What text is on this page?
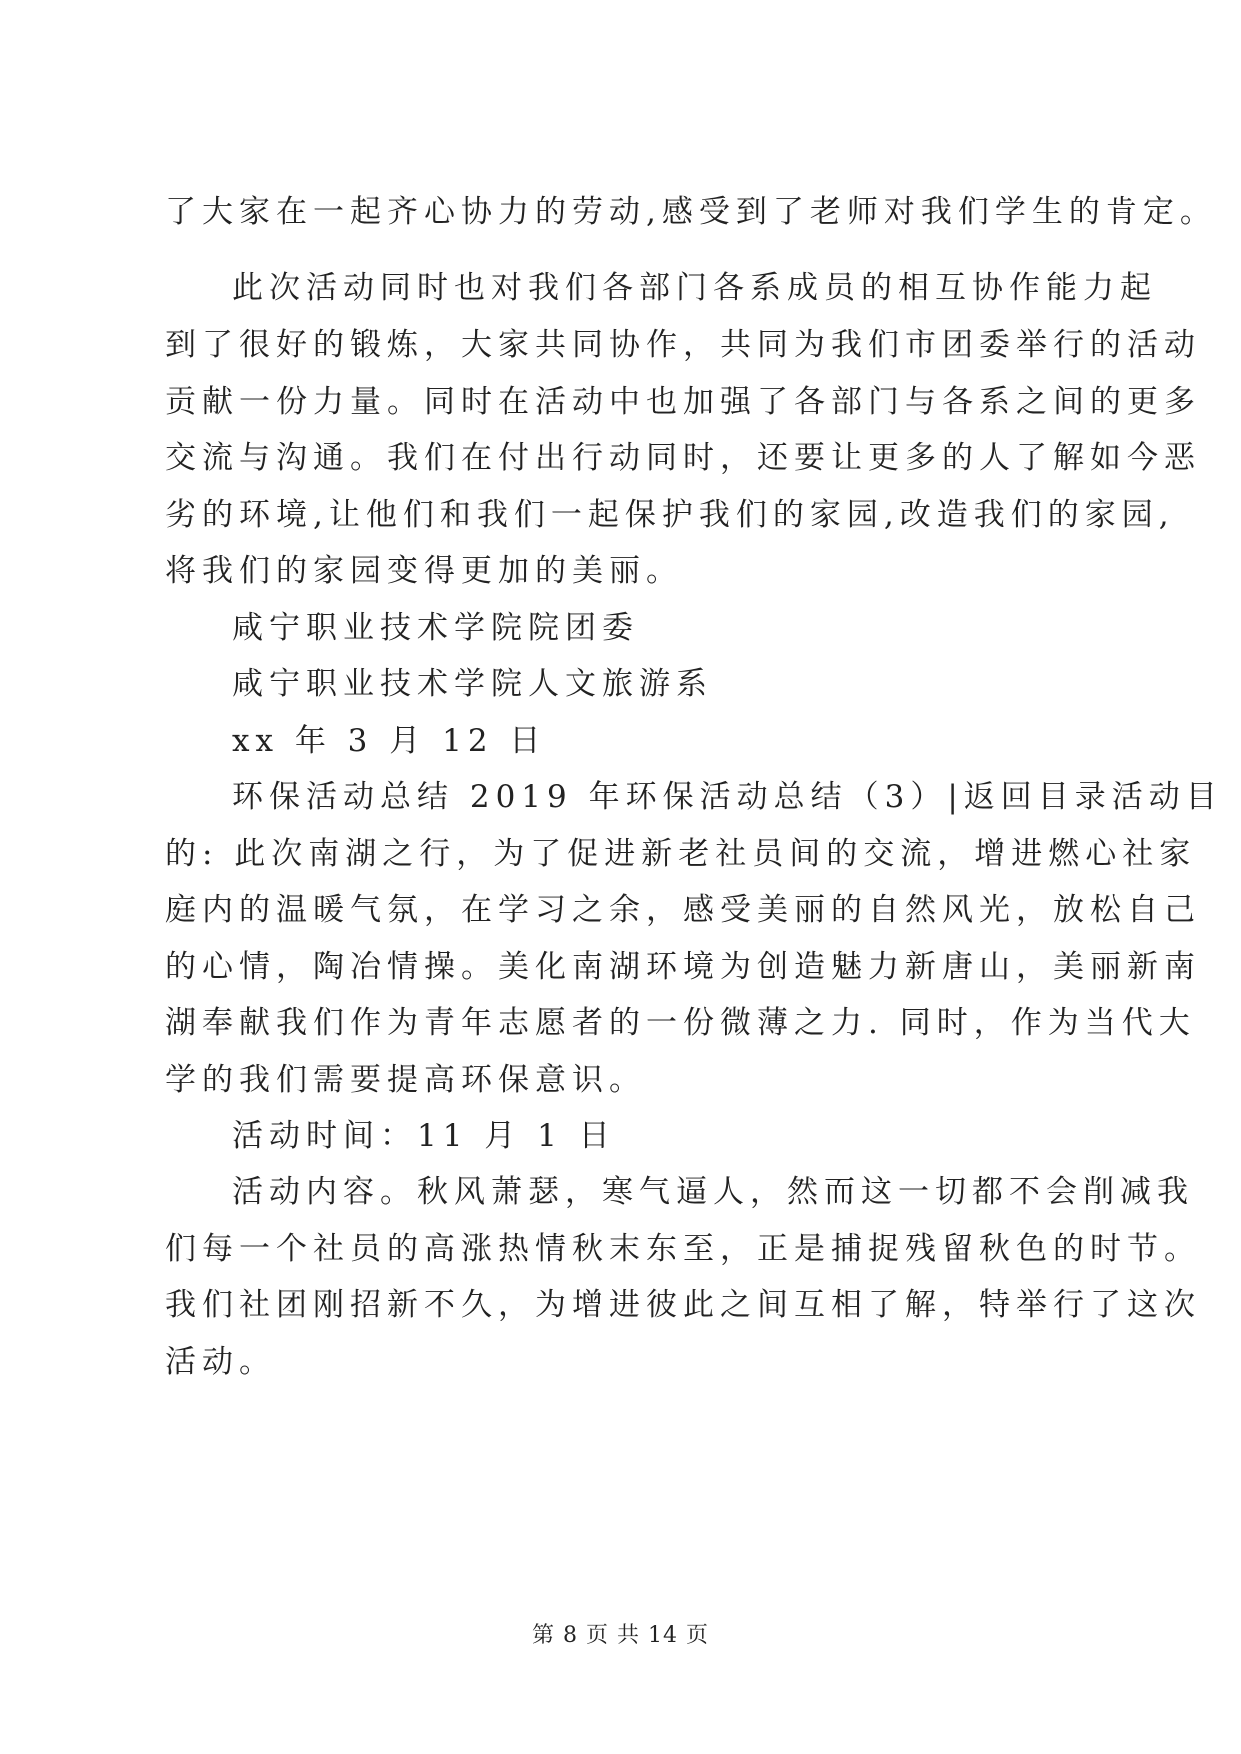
了大家在一起齐心协力的劳动,感受到了老师对我们学生的肯定。
此次活动同时也对我们各部门各系成员的相互协作能力起
到了很好的锻炼，大家共同协作，共同为我们市团委举行的活动
贡献一份力量。同时在活动中也加强了各部门与各系之间的更多
交流与沟通。我们在付出行动同时，还要让更多的人了解如今恶
劣的环境,让他们和我们一起保护我们的家园,改造我们的家园,
将我们的家园变得更加的美丽。
咸宁职业技术学院院团委
咸宁职业技术学院人文旅游系
xx 年 3 月 12 日
环保活动总结 2019 年环保活动总结（3）|返回目录活动目
的: 此次南湖之行，为了促进新老社员间的交流，增进燃心社家
庭内的温暖气氛，在学习之余，感受美丽的自然风光，放松自己
的心情，陶冶情操。美化南湖环境为创造魅力新唐山，美丽新南
湖奉献我们作为青年志愿者的一份微薄之力. 同时，作为当代大
学的我们需要提高环保意识。
活动时间：11 月 1 日
活动内容。秋风萧瑟，寒气逼人，然而这一切都不会削减我
们每一个社员的高涨热情秋末东至，正是捕捉残留秋色的时节。
我们社团刚招新不久，为增进彼此之间互相了解，特举行了这次
活动。
第 8 页 共 14 页
